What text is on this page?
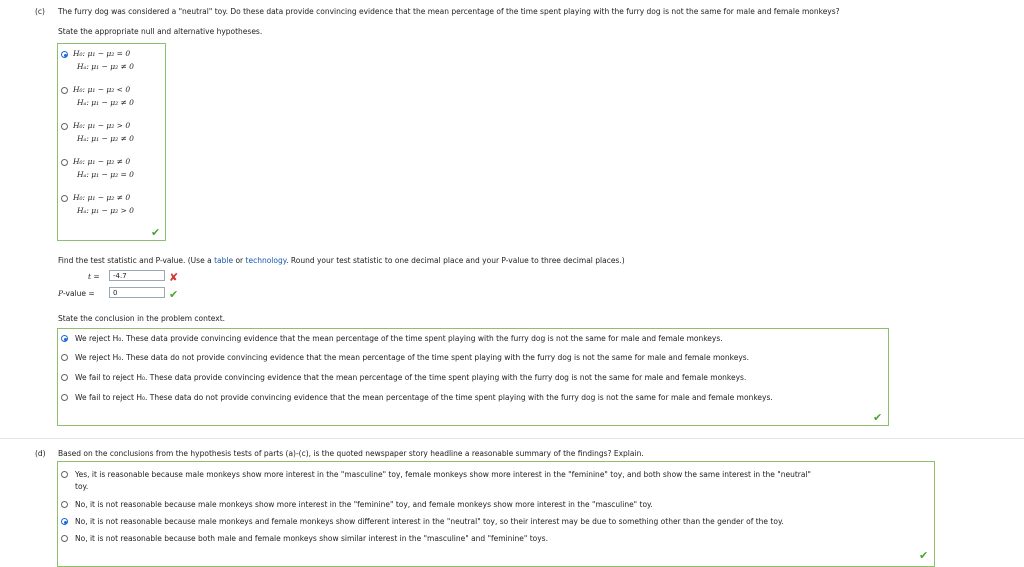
(c) The furry dog was considered a "neutral" toy. Do these data provide convincing evidence that the mean percentage of the time spent playing with the furry dog is not the same for male and female monkeys?
State the appropriate null and alternative hypotheses.
H₀: μ₁ − μ₂ = 0
Hₐ: μ₁ − μ₂ ≠ 0
H₀: μ₁ − μ₂ < 0
Hₐ: μ₁ − μ₂ ≠ 0
H₀: μ₁ − μ₂ > 0
Hₐ: μ₁ − μ₂ ≠ 0
H₀: μ₁ − μ₂ ≠ 0
Hₐ: μ₁ − μ₂ = 0
H₀: μ₁ − μ₂ ≠ 0
Hₐ: μ₁ − μ₂ > 0
✔
Find the test statistic and P-value. (Use a table or technology. Round your test statistic to one decimal place and your P-value to three decimal places.)
t =	-4.7	✘
P-value =	0	✔
State the conclusion in the problem context.
We reject H₀. These data provide convincing evidence that the mean percentage of the time spent playing with the furry dog is not the same for male and female monkeys.
We reject H₀. These data do not provide convincing evidence that the mean percentage of the time spent playing with the furry dog is not the same for male and female monkeys.
We fail to reject H₀. These data provide convincing evidence that the mean percentage of the time spent playing with the furry dog is not the same for male and female monkeys.
We fail to reject H₀. These data do not provide convincing evidence that the mean percentage of the time spent playing with the furry dog is not the same for male and female monkeys.
✔
(d) Based on the conclusions from the hypothesis tests of parts (a)-(c), is the quoted newspaper story headline a reasonable summary of the findings? Explain.
Yes, it is reasonable because male monkeys show more interest in the "masculine" toy, female monkeys show more interest in the "feminine" toy, and both show the same interest in the "neutral"
toy.
No, it is not reasonable because male monkeys show more interest in the "feminine" toy, and female monkeys show more interest in the "masculine" toy.
No, it is not reasonable because male monkeys and female monkeys show different interest in the "neutral" toy, so their interest may be due to something other than the gender of the toy.
No, it is not reasonable because both male and female monkeys show similar interest in the "masculine" and "feminine" toys.
✔
